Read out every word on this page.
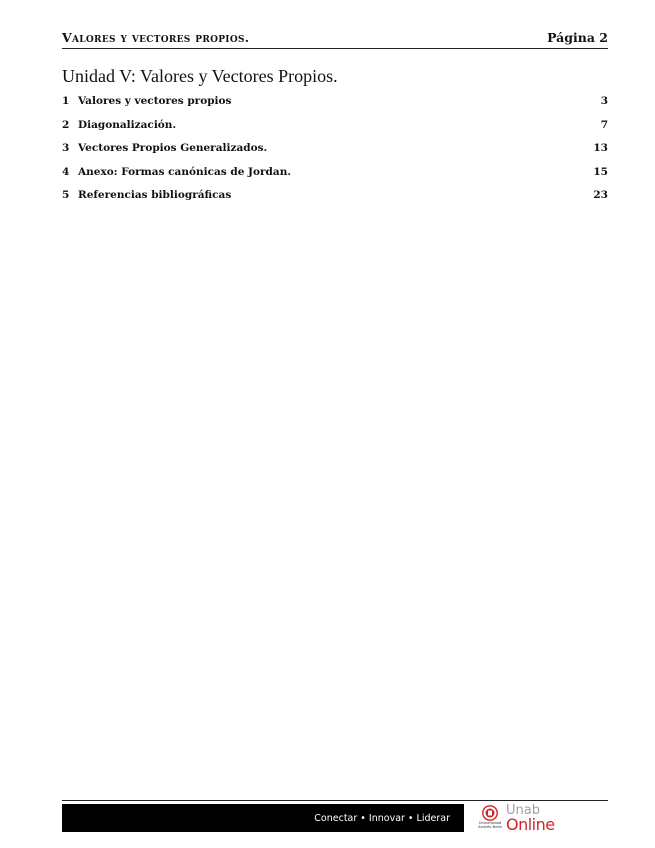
Valores y vectores propios.	Página 2
Unidad V: Valores y Vectores Propios.
1 Valores y vectores propios	3
2 Diagonalización.	7
3 Vectores Propios Generalizados.	13
4 Anexo: Formas canónicas de Jordan.	15
5 Referencias bibliográficas	23
Conectar • Innovar • Liderar	Universidad Andrés Bello
Unab
Online
